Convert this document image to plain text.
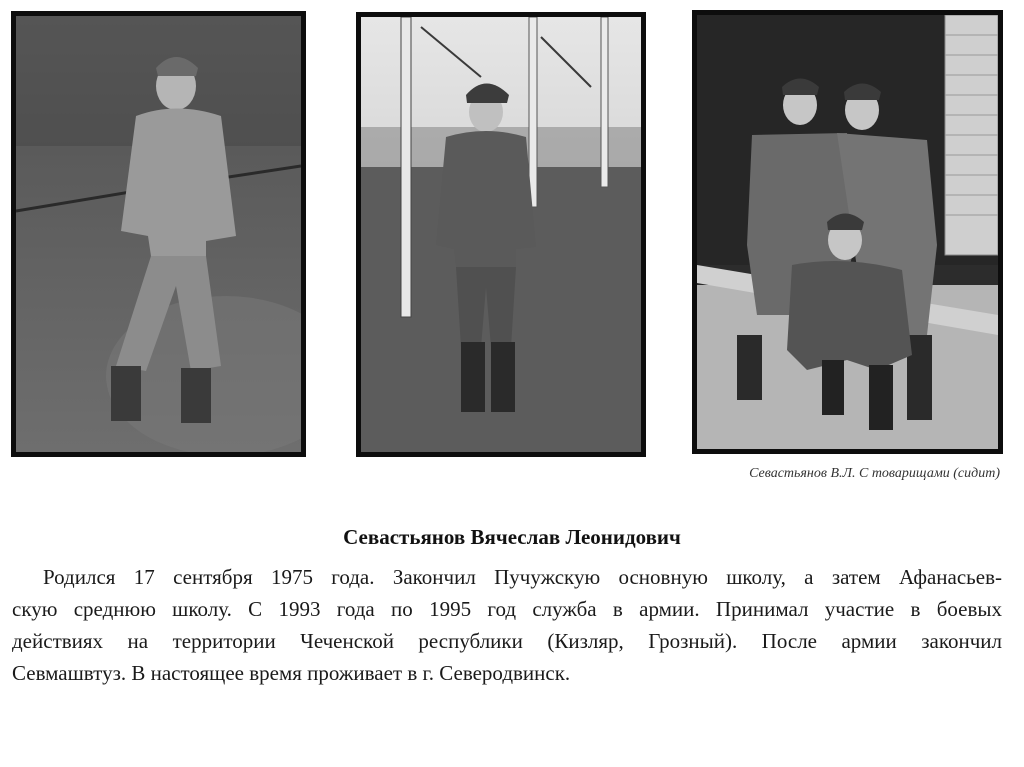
Севастьянов В.Л. С товарищами (сидит)
Севастьянов Вячеслав Леонидович
Родился 17 сентября 1975 года. Закончил Пучужскую основную школу, а затем Афанасьев-
скую среднюю школу. С 1993 года по 1995 год служба в армии. Принимал участие в боевых
действиях на территории Чеченской республики (Кизляр, Грозный). После армии закончил
Севмашвтуз. В настоящее время проживает в г. Северодвинск.
